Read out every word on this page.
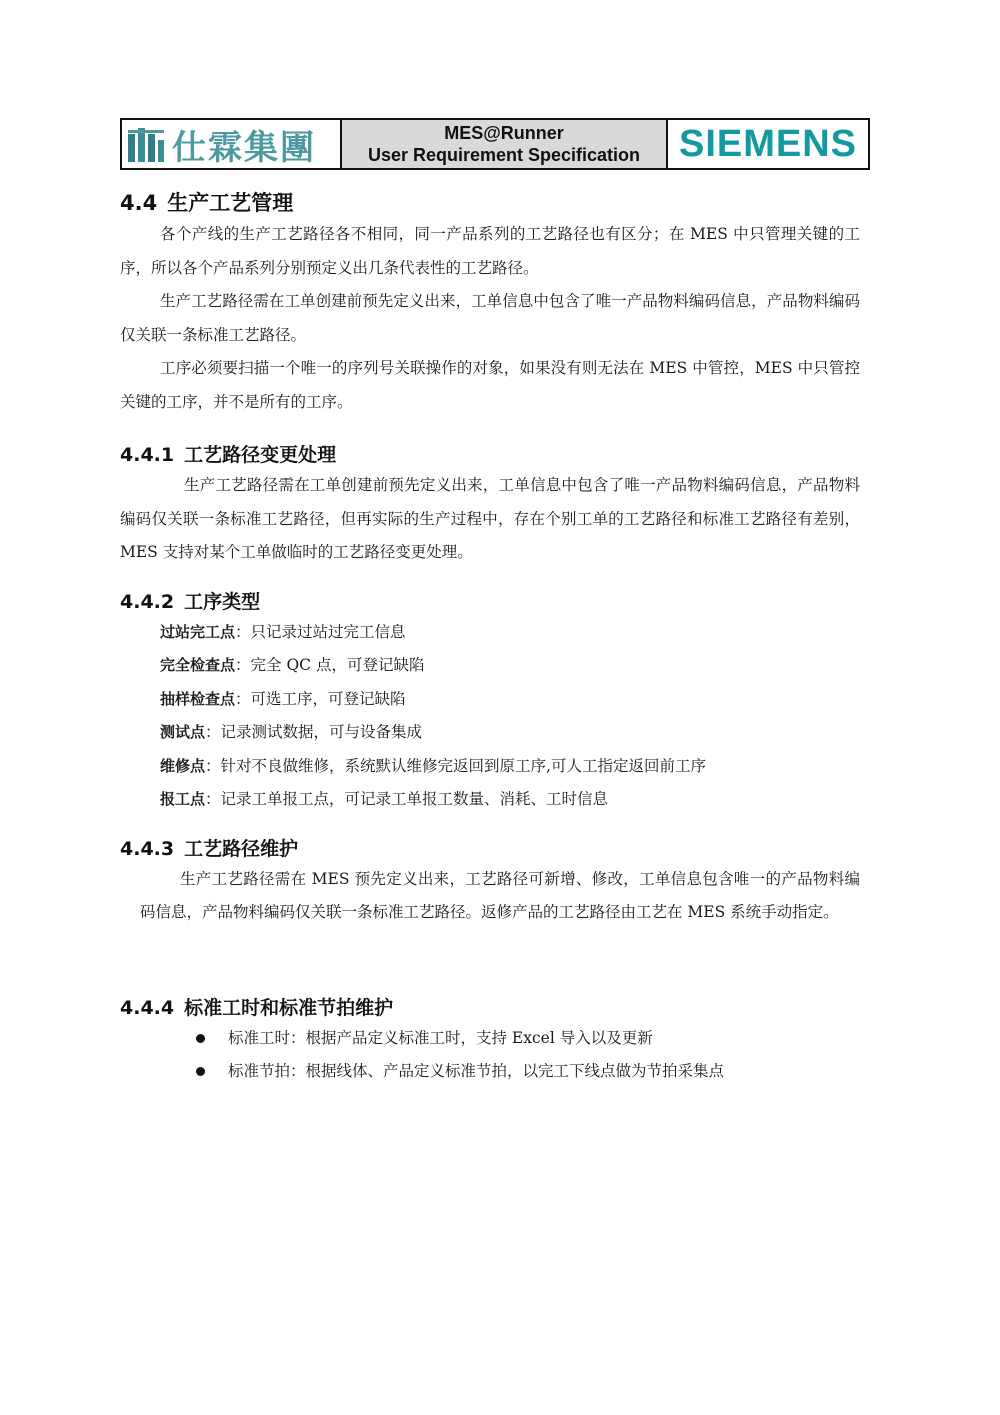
仕霖集團	MES@Runner
User Requirement Specification SIEMENS
4.4 生产工艺管理

各个产线的生产工艺路径各不相同，同一产品系列的工艺路径也有区分；在 MES 中只管理关键的工序，所以各个产品系列分别预定义出几条代表性的工艺路径。

生产工艺路径需在工单创建前预先定义出来，工单信息中包含了唯一产品物料编码信息，产品物料编码仅关联一条标准工艺路径。

工序必须要扫描一个唯一的序列号关联操作的对象，如果没有则无法在 MES 中管控，MES 中只管控关键的工序，并不是所有的工序。

4.4.1 工艺路径变更处理

生产工艺路径需在工单创建前预先定义出来，工单信息中包含了唯一产品物料编码信息，产品物料编码仅关联一条标准工艺路径，但再实际的生产过程中，存在个别工单的工艺路径和标准工艺路径有差别，MES 支持对某个工单做临时的工艺路径变更处理。

4.4.2 工序类型
过站完工点：只记录过站过完工信息
完全检查点：完全 QC 点，可登记缺陷
抽样检查点：可选工序，可登记缺陷
测试点：记录测试数据，可与设备集成
维修点：针对不良做维修，系统默认维修完返回到原工序,可人工指定返回前工序
报工点：记录工单报工点，可记录工单报工数量、消耗、工时信息
4.4.3 工艺路径维护

生产工艺路径需在 MES 预先定义出来，工艺路径可新增、修改，工单信息包含唯一的产品物料编码信息，产品物料编码仅关联一条标准工艺路径。返修产品的工艺路径由工艺在 MES 系统手动指定。

4.4.4 标准工时和标准节拍维护
标准工时：根据产品定义标准工时，支持 Excel 导入以及更新
标准节拍：根据线体、产品定义标准节拍，以完工下线点做为节拍采集点
